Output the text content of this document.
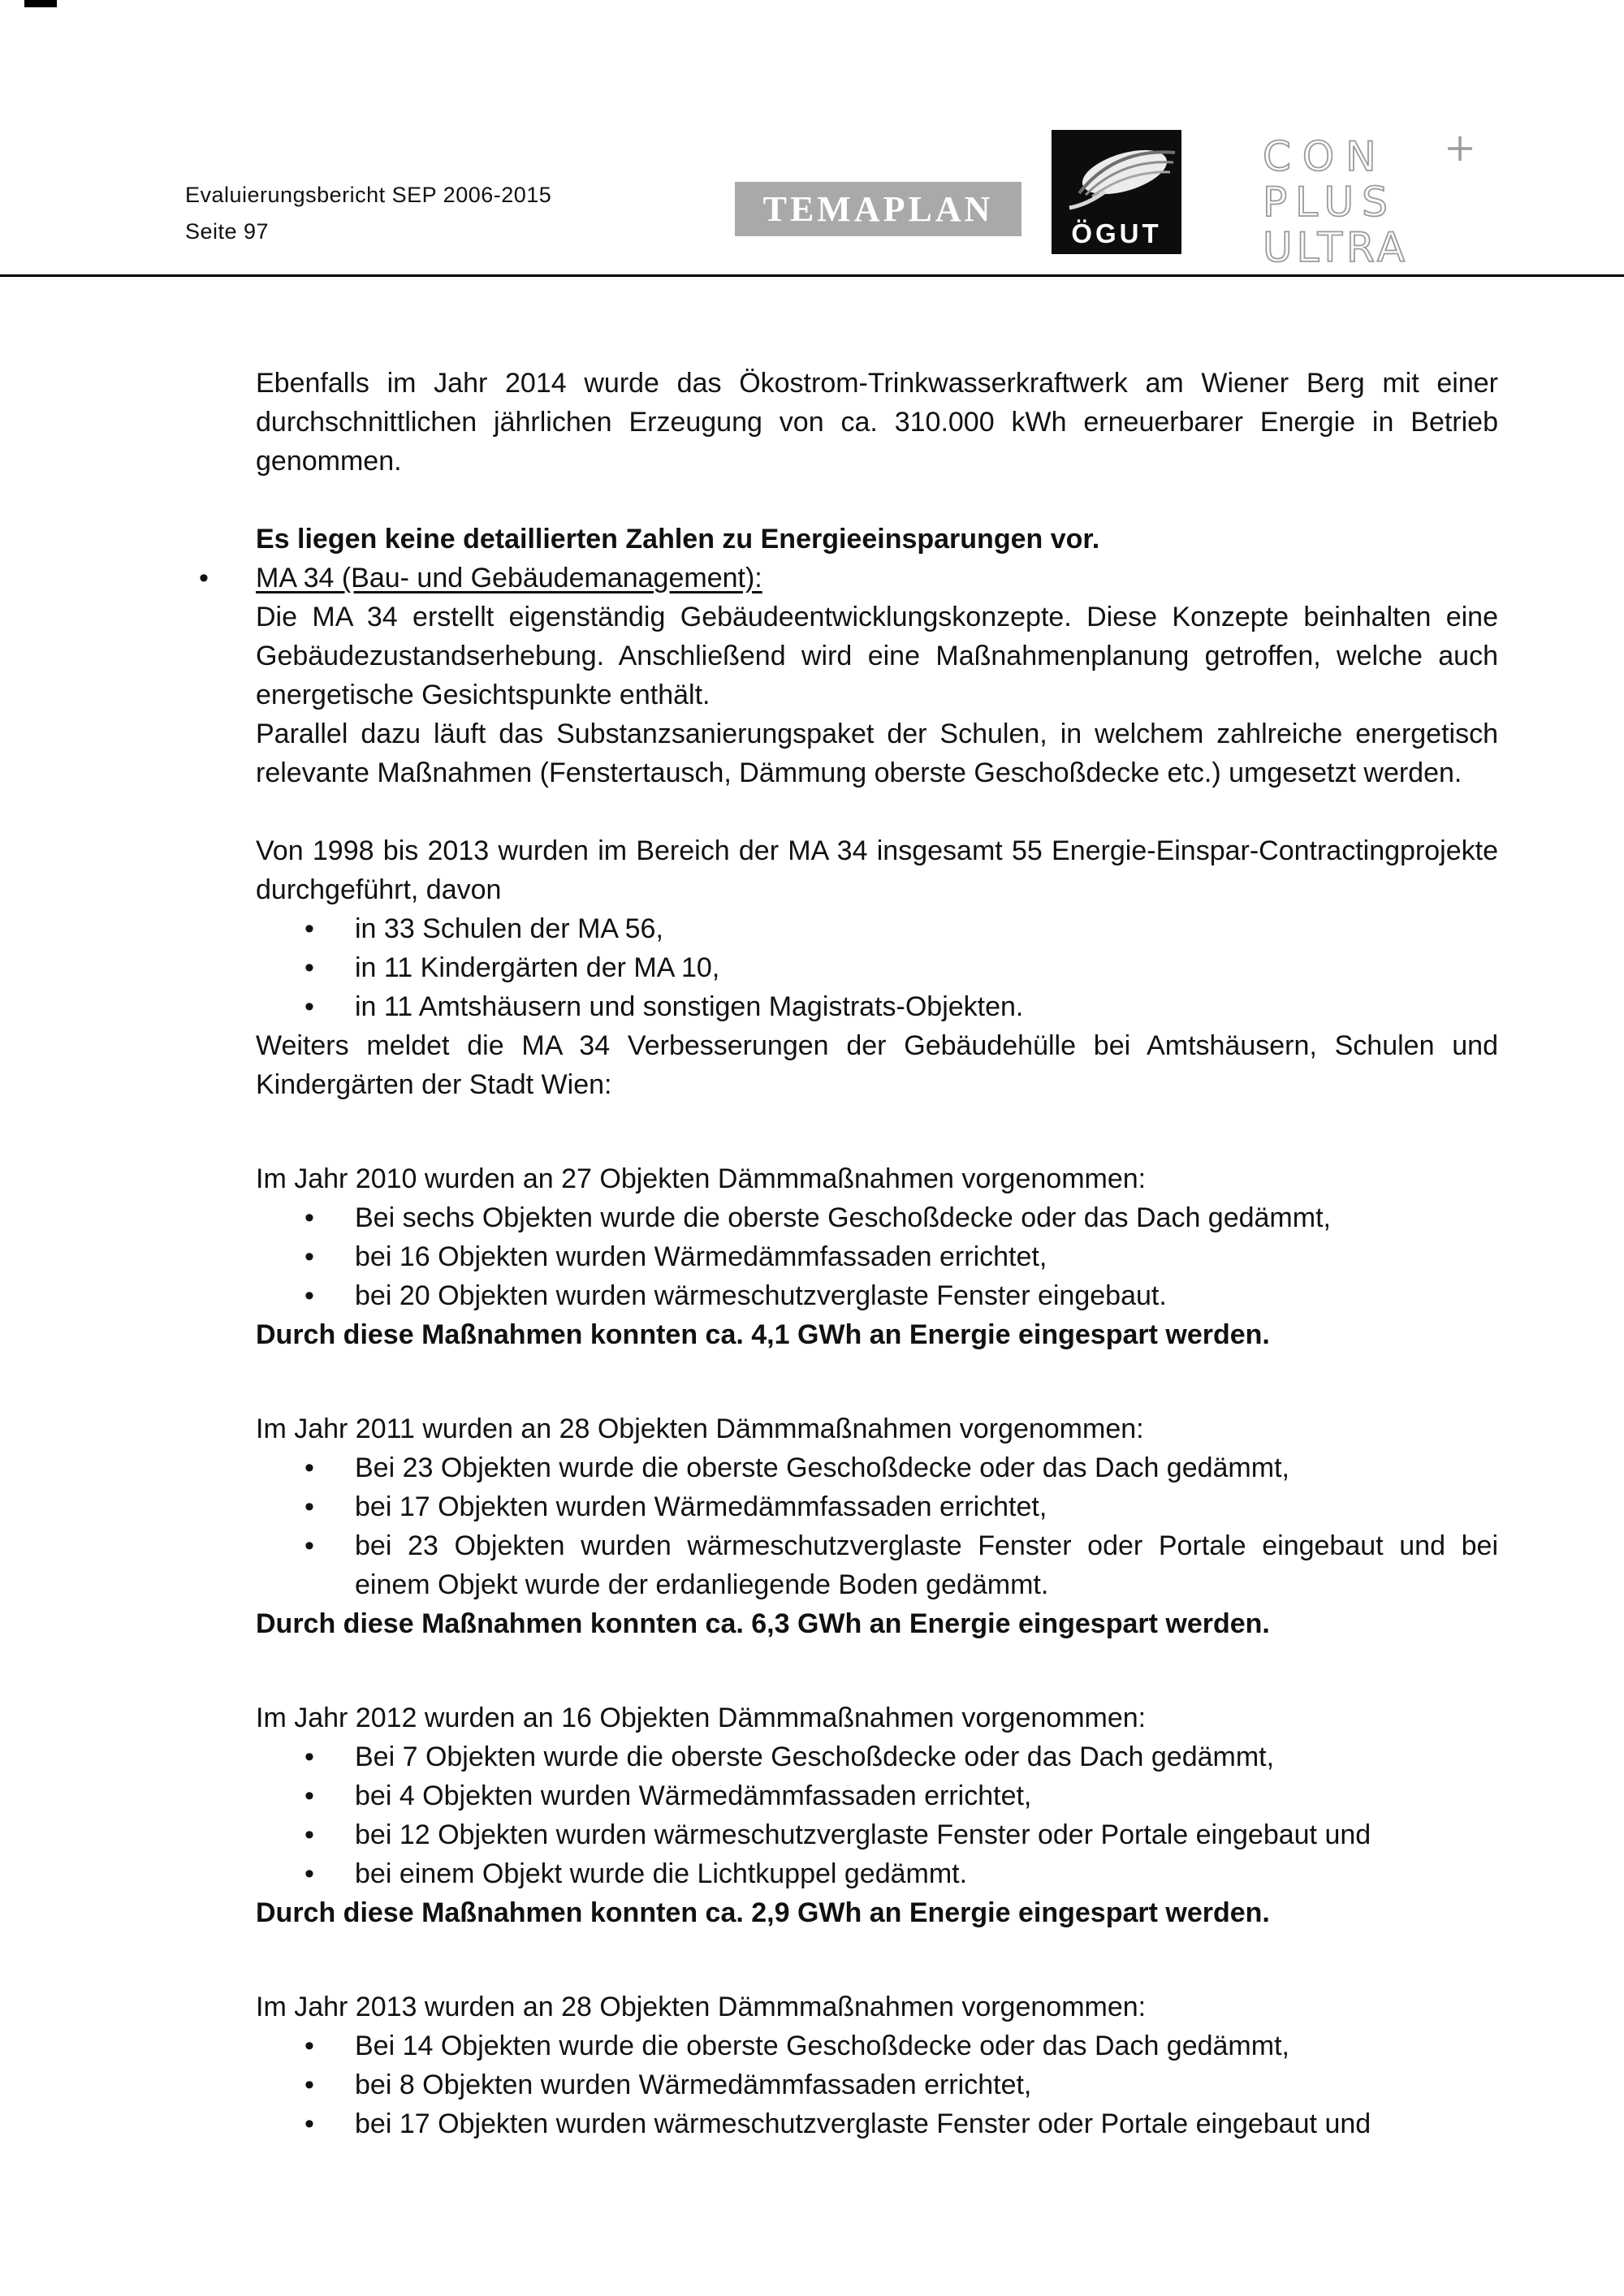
Evaluierungsbericht SEP 2006-2015
Seite 97
TEMAPLAN
ÖGUT
CON
PLUS
ULTRA

Ebenfalls im Jahr 2014 wurde das Ökostrom-Trinkwasserkraftwerk am Wiener Berg mit einer durchschnittlichen jährlichen Erzeugung von ca. 310.000 kWh erneuerbarer Energie in Betrieb genommen.

Es liegen keine detaillierten Zahlen zu Energieeinsparungen vor.

•
MA 34 (Bau- und Gebäudemanagement):

Die MA 34 erstellt eigenständig Gebäudeentwicklungskonzepte. Diese Konzepte beinhalten eine Gebäudezustandserhebung. Anschließend wird eine Maßnahmenplanung getroffen, welche auch energetische Gesichtspunkte enthält.

Parallel dazu läuft das Substanzsanierungspaket der Schulen, in welchem zahlreiche energetisch relevante Maßnahmen (Fenstertausch, Dämmung oberste Geschoßdecke etc.) umgesetzt werden.

Von 1998 bis 2013 wurden im Bereich der MA 34 insgesamt 55 Energie-Einspar-Contractingprojekte durchgeführt, davon

•
in 33 Schulen der MA 56,
•
in 11 Kindergärten der MA 10,
•
in 11 Amtshäusern und sonstigen Magistrats-Objekten.

Weiters meldet die MA 34 Verbesserungen der Gebäudehülle bei Amtshäusern, Schulen und Kindergärten der Stadt Wien:

Im Jahr 2010 wurden an 27 Objekten Dämmmaßnahmen vorgenommen:

•
Bei sechs Objekten wurde die oberste Geschoßdecke oder das Dach gedämmt,
•
bei 16 Objekten wurden Wärmedämmfassaden errichtet,
•
bei 20 Objekten wurden wärmeschutzverglaste Fenster eingebaut.

Durch diese Maßnahmen konnten ca. 4,1 GWh an Energie eingespart werden.

Im Jahr 2011 wurden an 28 Objekten Dämmmaßnahmen vorgenommen:

•
Bei 23 Objekten wurde die oberste Geschoßdecke oder das Dach gedämmt,
•
bei 17 Objekten wurden Wärmedämmfassaden errichtet,
•
bei 23 Objekten wurden wärmeschutzverglaste Fenster oder Portale eingebaut und bei einem Objekt wurde der erdanliegende Boden gedämmt.

Durch diese Maßnahmen konnten ca. 6,3 GWh an Energie eingespart werden.

Im Jahr 2012 wurden an 16 Objekten Dämmmaßnahmen vorgenommen:

•
Bei 7 Objekten wurde die oberste Geschoßdecke oder das Dach gedämmt,
•
bei 4 Objekten wurden Wärmedämmfassaden errichtet,
•
bei 12 Objekten wurden wärmeschutzverglaste Fenster oder Portale eingebaut und
•
bei einem Objekt wurde die Lichtkuppel gedämmt.

Durch diese Maßnahmen konnten ca. 2,9 GWh an Energie eingespart werden.

Im Jahr 2013 wurden an 28 Objekten Dämmmaßnahmen vorgenommen:

•
Bei 14 Objekten wurde die oberste Geschoßdecke oder das Dach gedämmt,
•
bei 8 Objekten wurden Wärmedämmfassaden errichtet,
•
bei 17 Objekten wurden wärmeschutzverglaste Fenster oder Portale eingebaut und
